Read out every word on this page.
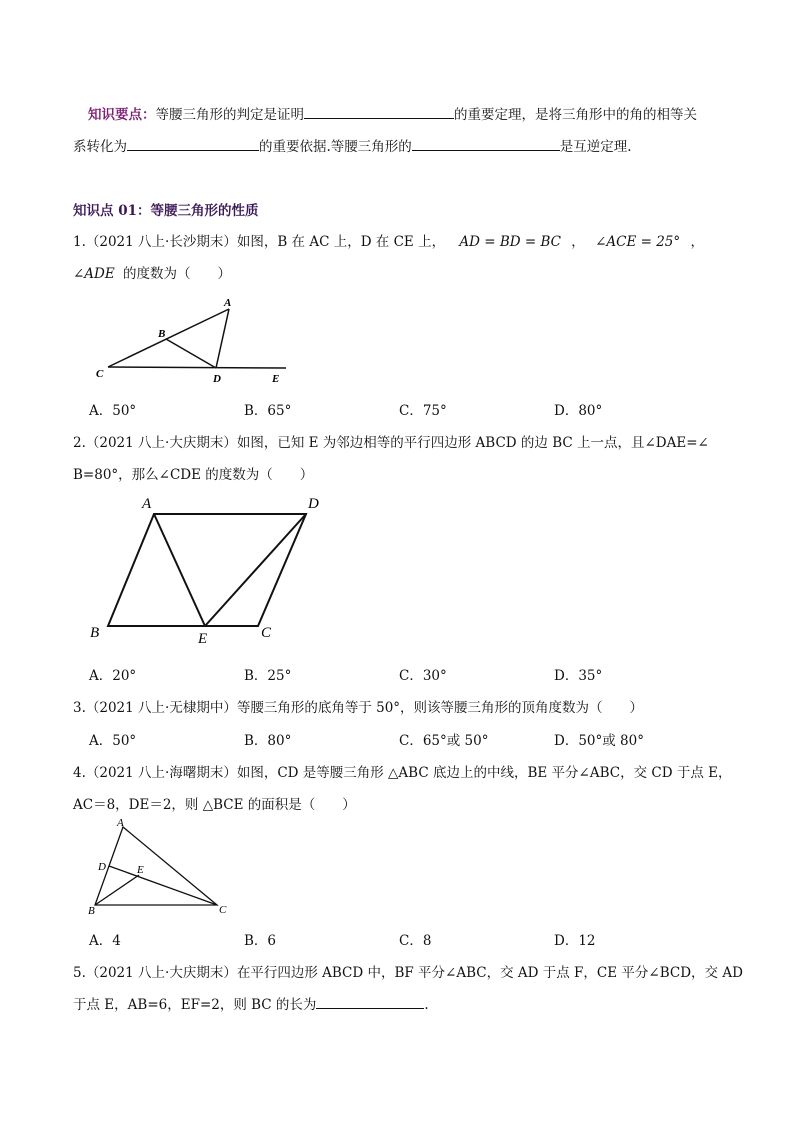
知识要点：等腰三角形的判定是证明	的重要定理，是将三角形中的角的相等关
系转化为	的重要依据.等腰三角形的	是互逆定理.
知识点 01：等腰三角形的性质
1.（2021 八上·长沙期末）如图，B 在 AC 上，D 在 CE 上， AD = BD = BC ， ∠ACE = 25° ，
∠ADE 的度数为（　　）
A
B
C	D	E
A．50°	B．65°	C．75°	D．80°
2.（2021 八上·大庆期末）如图，已知 E 为邻边相等的平行四边形 ABCD 的边 BC 上一点，且∠DAE=∠
B=80°，那么∠CDE 的度数为（　　）
A	D
B	E	C
A．20°	B．25°	C．30°	D．35°
3.（2021 八上·无棣期中）等腰三角形的底角等于 50°，则该等腰三角形的顶角度数为（　　）
A．50°	B．80°	C．65°或 50°	D．50°或 80°
4.（2021 八上·海曙期末）如图，CD 是等腰三角形 △ABC 底边上的中线，BE 平分∠ABC，交 CD 于点 E，
AC＝8，DE＝2，则 △BCE 的面积是（　　）
A
D	E
B	C
A．4	B．6	C．8	D．12
5.（2021 八上·大庆期末）在平行四边形 ABCD 中，BF 平分∠ABC，交 AD 于点 F，CE 平分∠BCD，交 AD
于点 E，AB=6，EF=2，则 BC 的长为	.
